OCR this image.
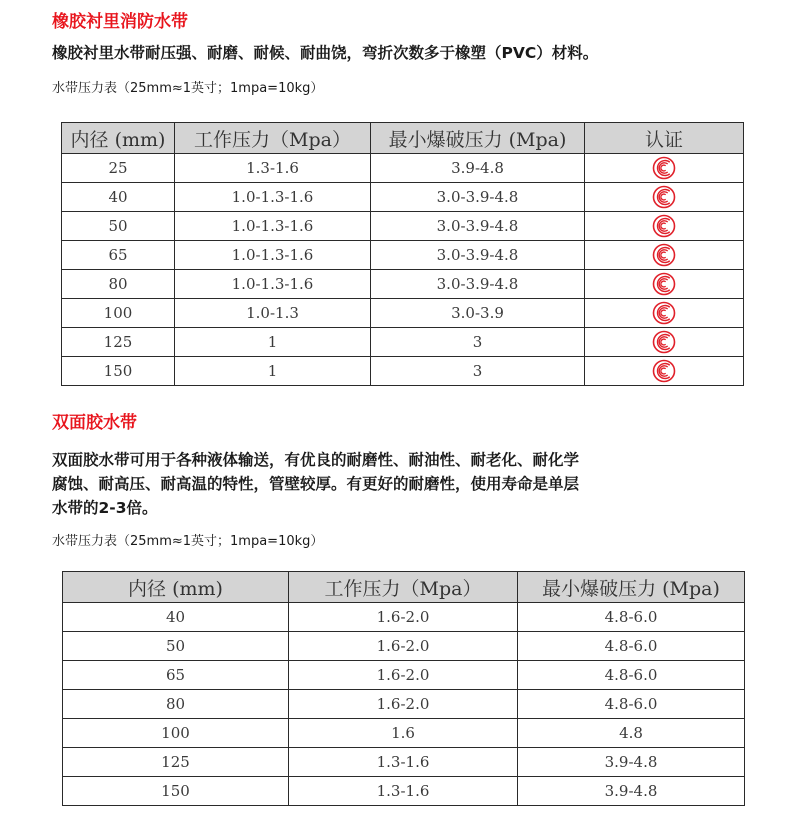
橡胶衬里消防水带

橡胶衬里水带耐压强、耐磨、耐候、耐曲饶，弯折次数多于橡塑（PVC）材料。

水带压力表（25mm≈1英寸；1mpa=10kg）

内径 (mm)	工作压力（Mpa）	最小爆破压力 (Mpa)	认证
25	1.3-1.6	3.9-4.8	
40	1.0-1.3-1.6	3.0-3.9-4.8	
50	1.0-1.3-1.6	3.0-3.9-4.8	
65	1.0-1.3-1.6	3.0-3.9-4.8	
80	1.0-1.3-1.6	3.0-3.9-4.8	
100	1.0-1.3	3.0-3.9	
125	1	3	
150	1	3	
双面胶水带

双面胶水带可用于各种液体输送，有优良的耐磨性、耐油性、耐老化、耐化学

腐蚀、耐高压、耐高温的特性，管壁较厚。有更好的耐磨性，使用寿命是单层

水带的2-3倍。

水带压力表（25mm≈1英寸；1mpa=10kg）

内径 (mm)	工作压力（Mpa）	最小爆破压力 (Mpa)
40	1.6-2.0	4.8-6.0
50	1.6-2.0	4.8-6.0
65	1.6-2.0	4.8-6.0
80	1.6-2.0	4.8-6.0
100	1.6	4.8
125	1.3-1.6	3.9-4.8
150	1.3-1.6	3.9-4.8
